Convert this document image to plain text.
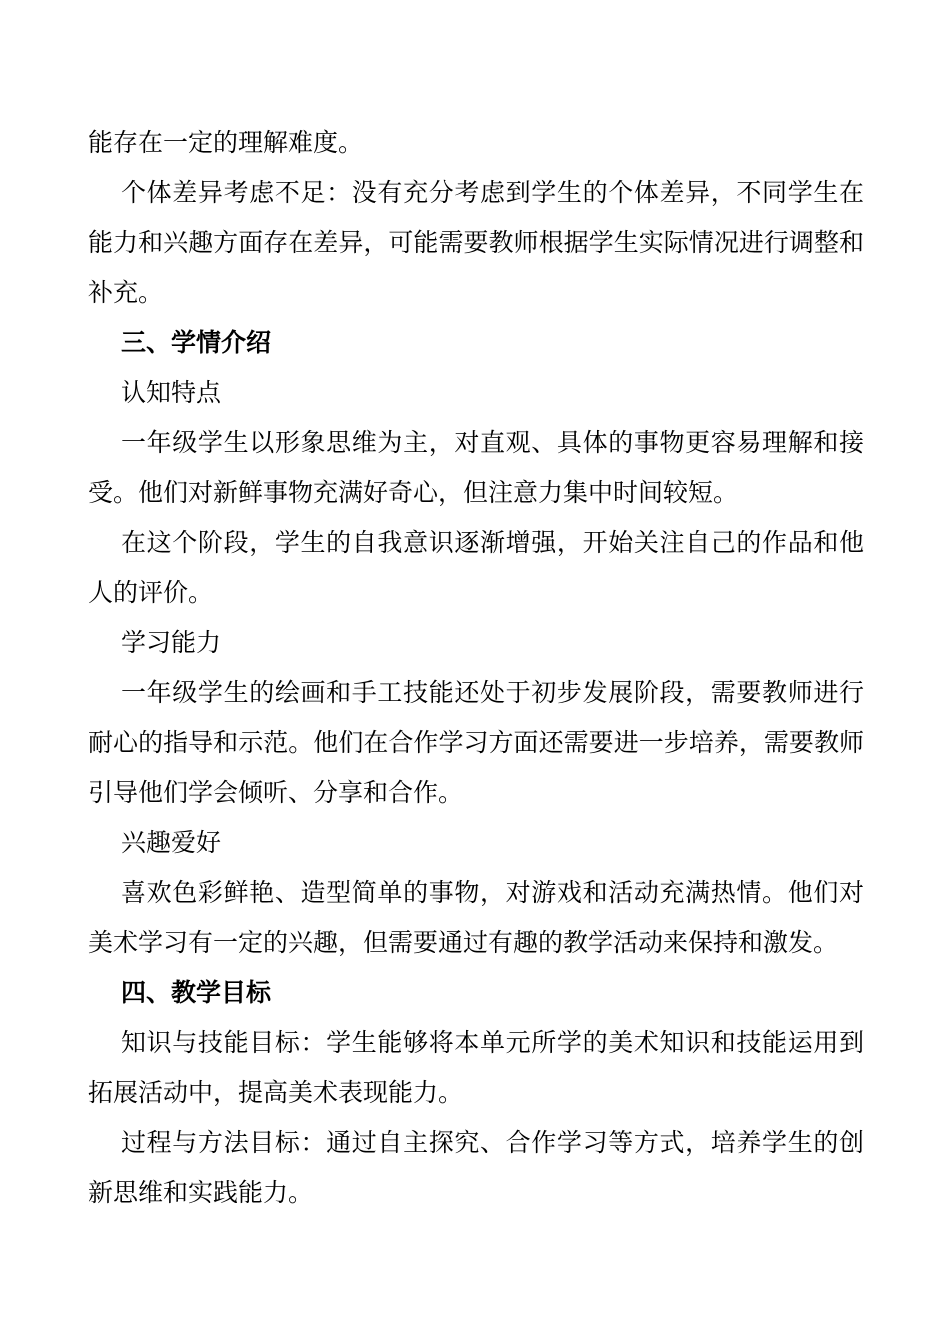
能存在一定的理解难度。

个体差异考虑不足：没有充分考虑到学生的个体差异，不同学生在能力和兴趣方面存在差异，可能需要教师根据学生实际情况进行调整和补充。

三、学情介绍

认知特点

一年级学生以形象思维为主，对直观、具体的事物更容易理解和接受。他们对新鲜事物充满好奇心，但注意力集中时间较短。

在这个阶段，学生的自我意识逐渐增强，开始关注自己的作品和他人的评价。

学习能力

一年级学生的绘画和手工技能还处于初步发展阶段，需要教师进行耐心的指导和示范。他们在合作学习方面还需要进一步培养，需要教师引导他们学会倾听、分享和合作。

兴趣爱好

喜欢色彩鲜艳、造型简单的事物，对游戏和活动充满热情。他们对美术学习有一定的兴趣，但需要通过有趣的教学活动来保持和激发。

四、教学目标

知识与技能目标：学生能够将本单元所学的美术知识和技能运用到拓展活动中，提高美术表现能力。

过程与方法目标：通过自主探究、合作学习等方式，培养学生的创新思维和实践能力。
